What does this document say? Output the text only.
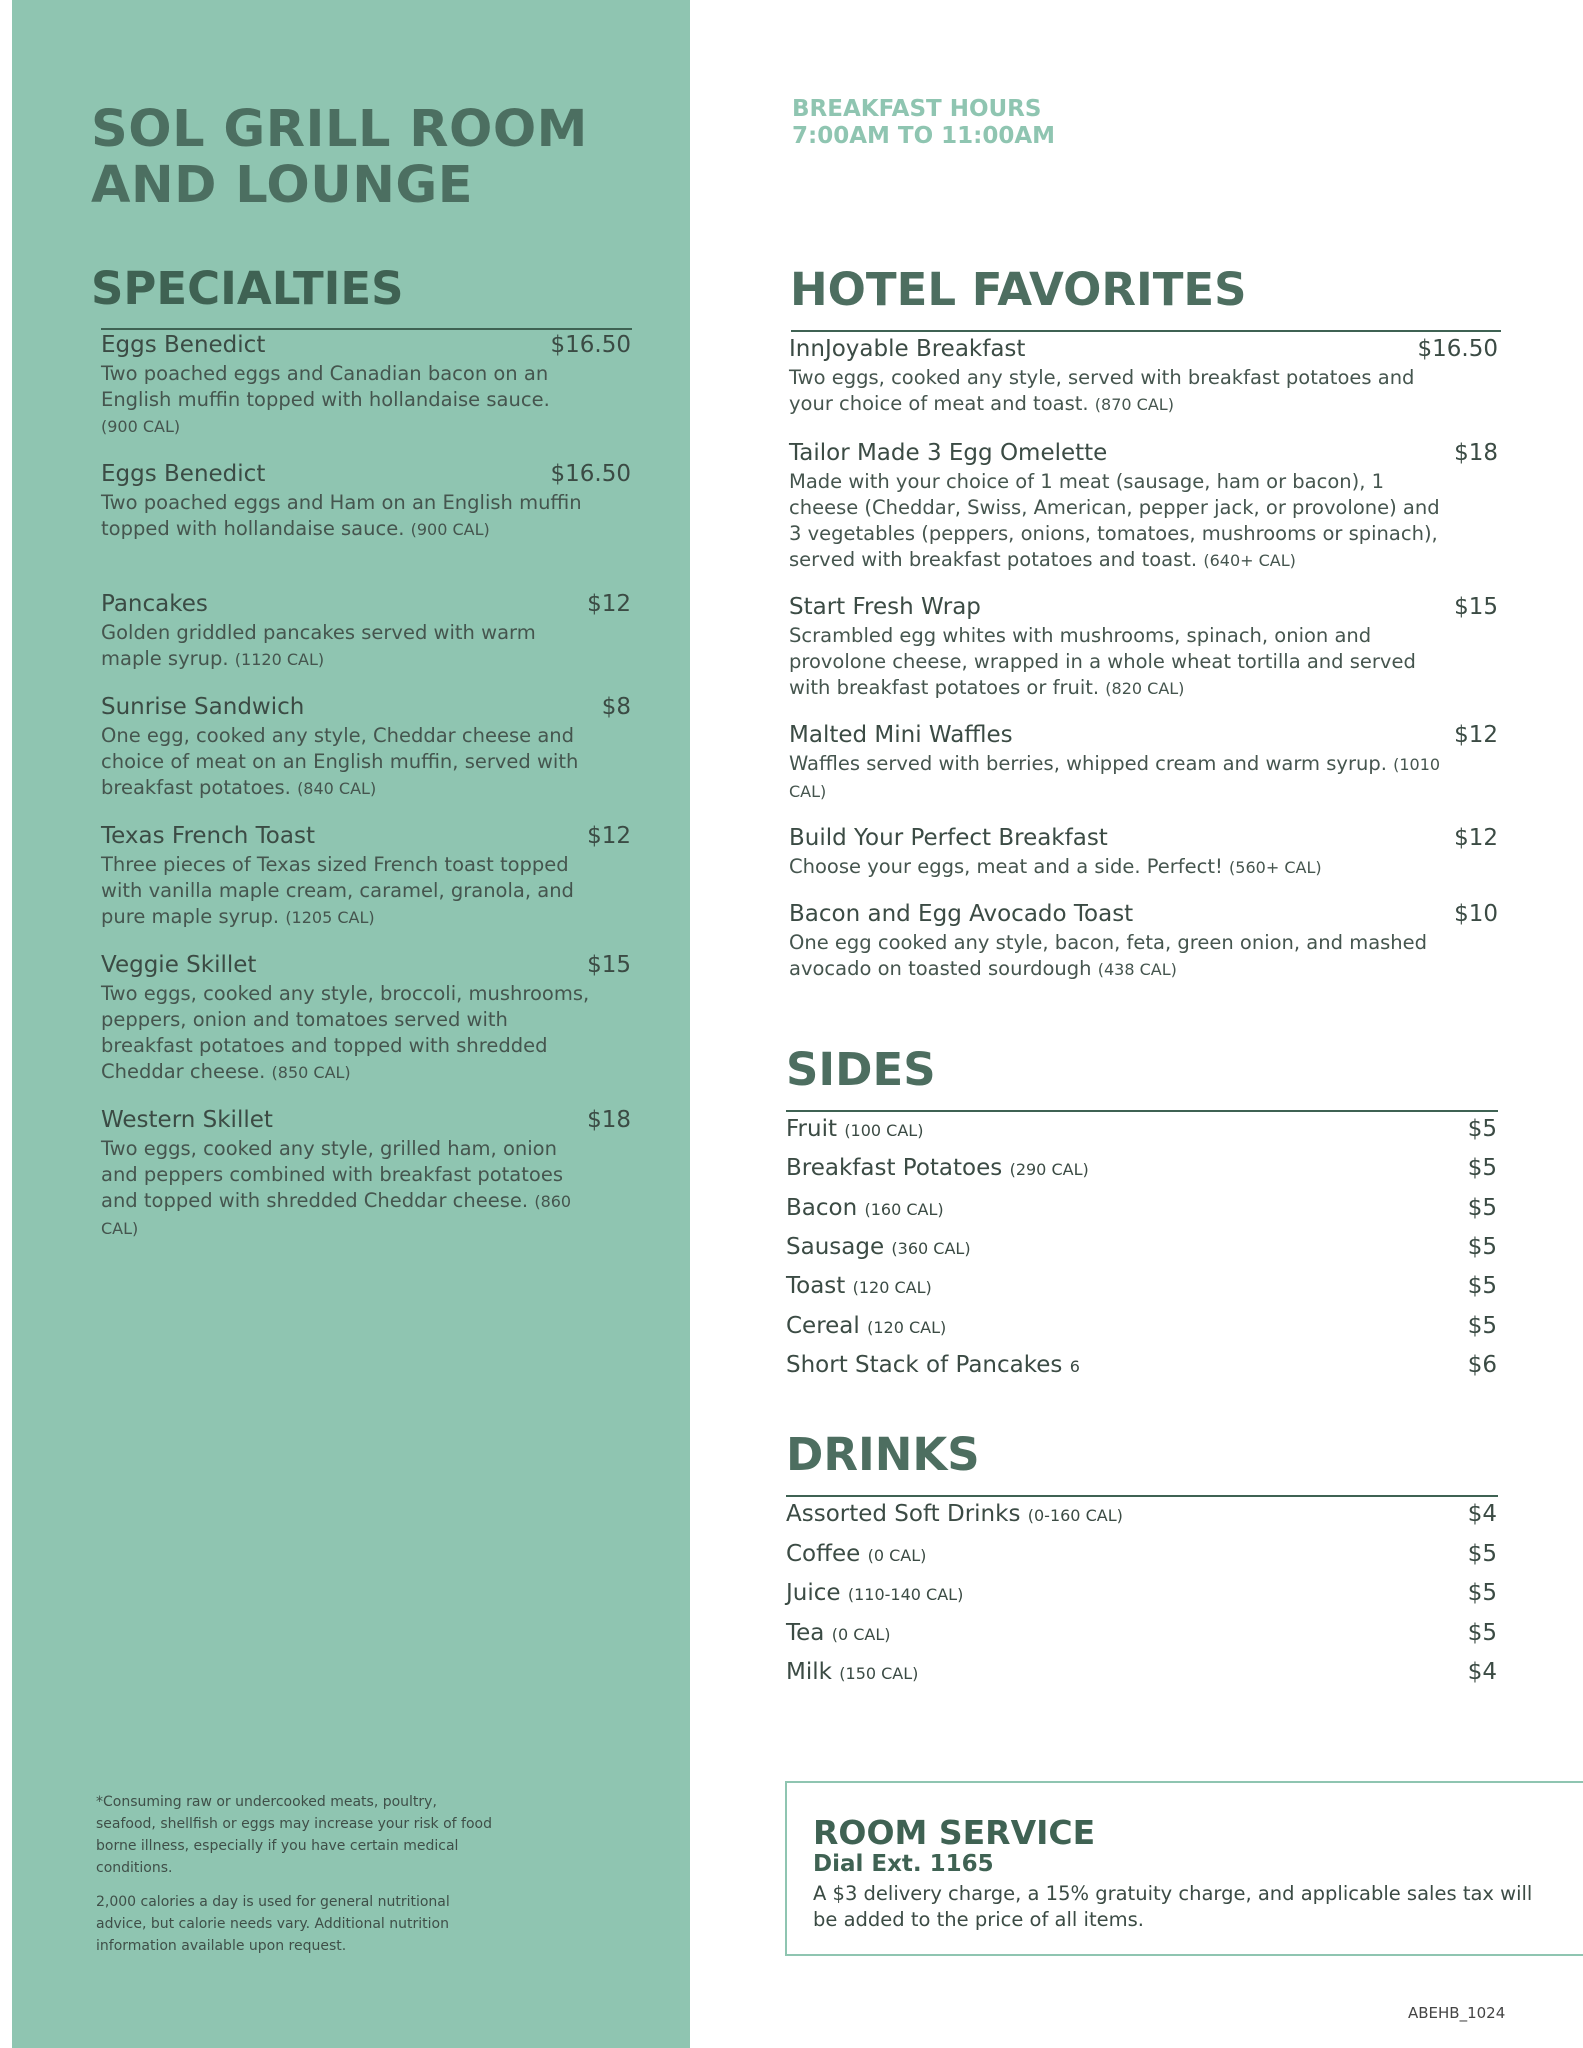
SOL GRILL ROOM AND LOUNGE
SPECIALTIES
Eggs Benedict	$16.50
Two poached eggs and Canadian bacon on an English muffin topped with hollandaise sauce. (900 CAL)
Eggs Benedict	$16.50
Two poached eggs and Ham on an English muffin topped with hollandaise sauce. (900 CAL)
Pancakes	$12
Golden griddled pancakes served with warm maple syrup. (1120 CAL)
Sunrise Sandwich	$8
One egg, cooked any style, Cheddar cheese and choice of meat on an English muffin, served with breakfast potatoes. (840 CAL)
Texas French Toast	$12
Three pieces of Texas sized French toast topped with vanilla maple cream, caramel, granola, and pure maple syrup. (1205 CAL)
Veggie Skillet	$15
Two eggs, cooked any style, broccoli, mushrooms, peppers, onion and tomatoes served with breakfast potatoes and topped with shredded Cheddar cheese. (850 CAL)
Western Skillet	$18
Two eggs, cooked any style, grilled ham, onion and peppers combined with breakfast potatoes and topped with shredded Cheddar cheese. (860 CAL)
*Consuming raw or undercooked meats, poultry, seafood, shellfish or eggs may increase your risk of food borne illness, especially if you have certain medical conditions.
2,000 calories a day is used for general nutritional advice, but calorie needs vary. Additional nutrition information available upon request.
BREAKFAST HOURS
7:00AM TO 11:00AM
HOTEL FAVORITES
InnJoyable Breakfast	$16.50
Two eggs, cooked any style, served with breakfast potatoes and your choice of meat and toast. (870 CAL)
Tailor Made 3 Egg Omelette	$18
Made with your choice of 1 meat (sausage, ham or bacon), 1 cheese (Cheddar, Swiss, American, pepper jack, or provolone) and 3 vegetables (peppers, onions, tomatoes, mushrooms or spinach), served with breakfast potatoes and toast. (640+ CAL)
Start Fresh Wrap	$15
Scrambled egg whites with mushrooms, spinach, onion and provolone cheese, wrapped in a whole wheat tortilla and served with breakfast potatoes or fruit. (820 CAL)
Malted Mini Waffles	$12
Waffles served with berries, whipped cream and warm syrup. (1010 CAL)
Build Your Perfect Breakfast	$12
Choose your eggs, meat and a side. Perfect! (560+ CAL)
Bacon and Egg Avocado Toast	$10
One egg cooked any style, bacon, feta, green onion, and mashed avocado on toasted sourdough (438 CAL)
SIDES
Fruit (100 CAL)	$5
Breakfast Potatoes (290 CAL)	$5
Bacon (160 CAL)	$5
Sausage (360 CAL)	$5
Toast (120 CAL)	$5
Cereal (120 CAL)	$5
Short Stack of Pancakes 6	$6
DRINKS
Assorted Soft Drinks (0-160 CAL)	$4
Coffee (0 CAL)	$5
Juice (110-140 CAL)	$5
Tea (0 CAL)	$5
Milk (150 CAL)	$4
ROOM SERVICE
Dial Ext. 1165
A $3 delivery charge, a 15% gratuity charge, and applicable sales tax will be added to the price of all items.
ABEHB_1024
